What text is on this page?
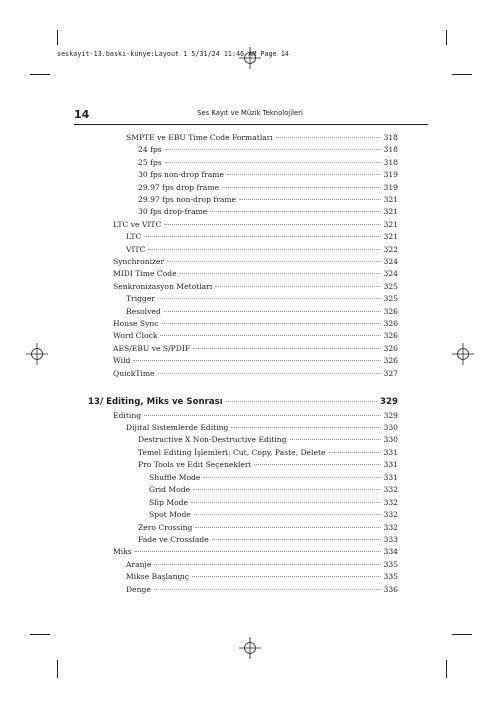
seskayit-13.baski-kunye:Layout 1 5/31/24 11:46 AM Page 14
14	Ses Kayıt ve Müzik Teknolojileri
SMPTE ve EBU Time Code Formatları	318
24 fps	318
25 fps	318
30 fps non-drop frame	319
29.97 fps drop frame	319
29.97 fps non-drop frame	321
30 fps drop-frame	321
LTC ve VITC	321
LTC	321
VITC	322
Synchronizer	324
MIDI Time Code	324
Senkronizasyon Metotları	325
Trigger	325
Resolved	326
House Sync	326
Word Clock	326
AES/EBU ve S/PDIF	326
Wild	326
QuickTime	327
13/ Editing, Miks ve Sonrası	329
Editing	329
Dijital Sistemlerde Editing	330
Destructive X Non-Destructive Editing	330
Temel Editing İşlemleri: Cut, Copy, Paste, Delete	331
Pro Tools ve Edit Seçenekleri	331
Shuffle Mode	331
Grid Mode	332
Slip Mode	332
Spot Mode	332
Zero Crossing	332
Fade ve Crossfade	333
Miks	334
Aranje	335
Mikse Başlangıç	335
Denge	336
